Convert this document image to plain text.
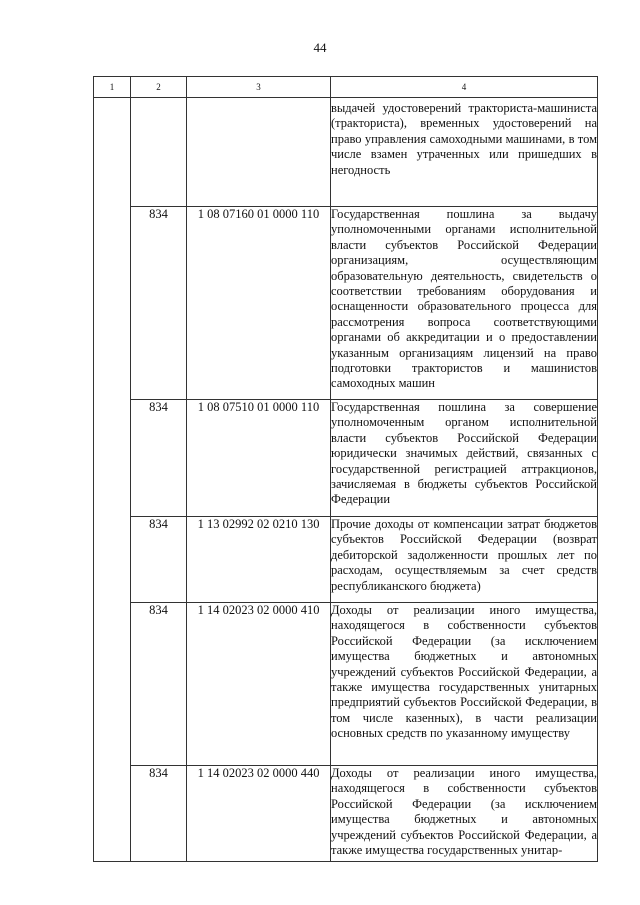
44
1	2	3	4
			выдачей удостоверений тракториста-машиниста (тракториста), временных удостоверений на право управления самоходными машинами, в том числе взамен утраченных или пришедших в негодность
	834	1 08 07160 01 0000 110	Государственная пошлина за выдачу уполномоченными органами исполнительной власти субъектов Российской Федерации организациям, осуществляющим образовательную деятельность, свидетельств о соответствии требованиям оборудования и оснащенности образовательного процесса для рассмотрения вопроса соответствующими органами об аккредитации и о предоставлении указанным организациям лицензий на право подготовки трактористов и машинистов самоходных машин
	834	1 08 07510 01 0000 110	Государственная пошлина за совершение уполномоченным органом исполнительной власти субъектов Российской Федерации юридически значимых действий, связанных с государственной регистрацией аттракционов, зачисляемая в бюджеты субъектов Российской Федерации
	834	1 13 02992 02 0210 130	Прочие доходы от компенсации затрат бюджетов субъектов Российской Федерации (возврат дебиторской задолженности прошлых лет по расходам, осуществляемым за счет средств республиканского бюджета)
	834	1 14 02023 02 0000 410	Доходы от реализации иного имущества, находящегося в собственности субъектов Российской Федерации (за исключением имущества бюджетных и автономных учреждений субъектов Российской Федерации, а также имущества государственных унитарных предприятий субъектов Российской Федерации, в том числе казенных), в части реализации основных средств по указанному имуществу
	834	1 14 02023 02 0000 440	Доходы от реализации иного имущества, находящегося в собственности субъектов Российской Федерации (за исключением имущества бюджетных и автономных учреждений субъектов Российской Федерации, а также имущества государственных унитар-
